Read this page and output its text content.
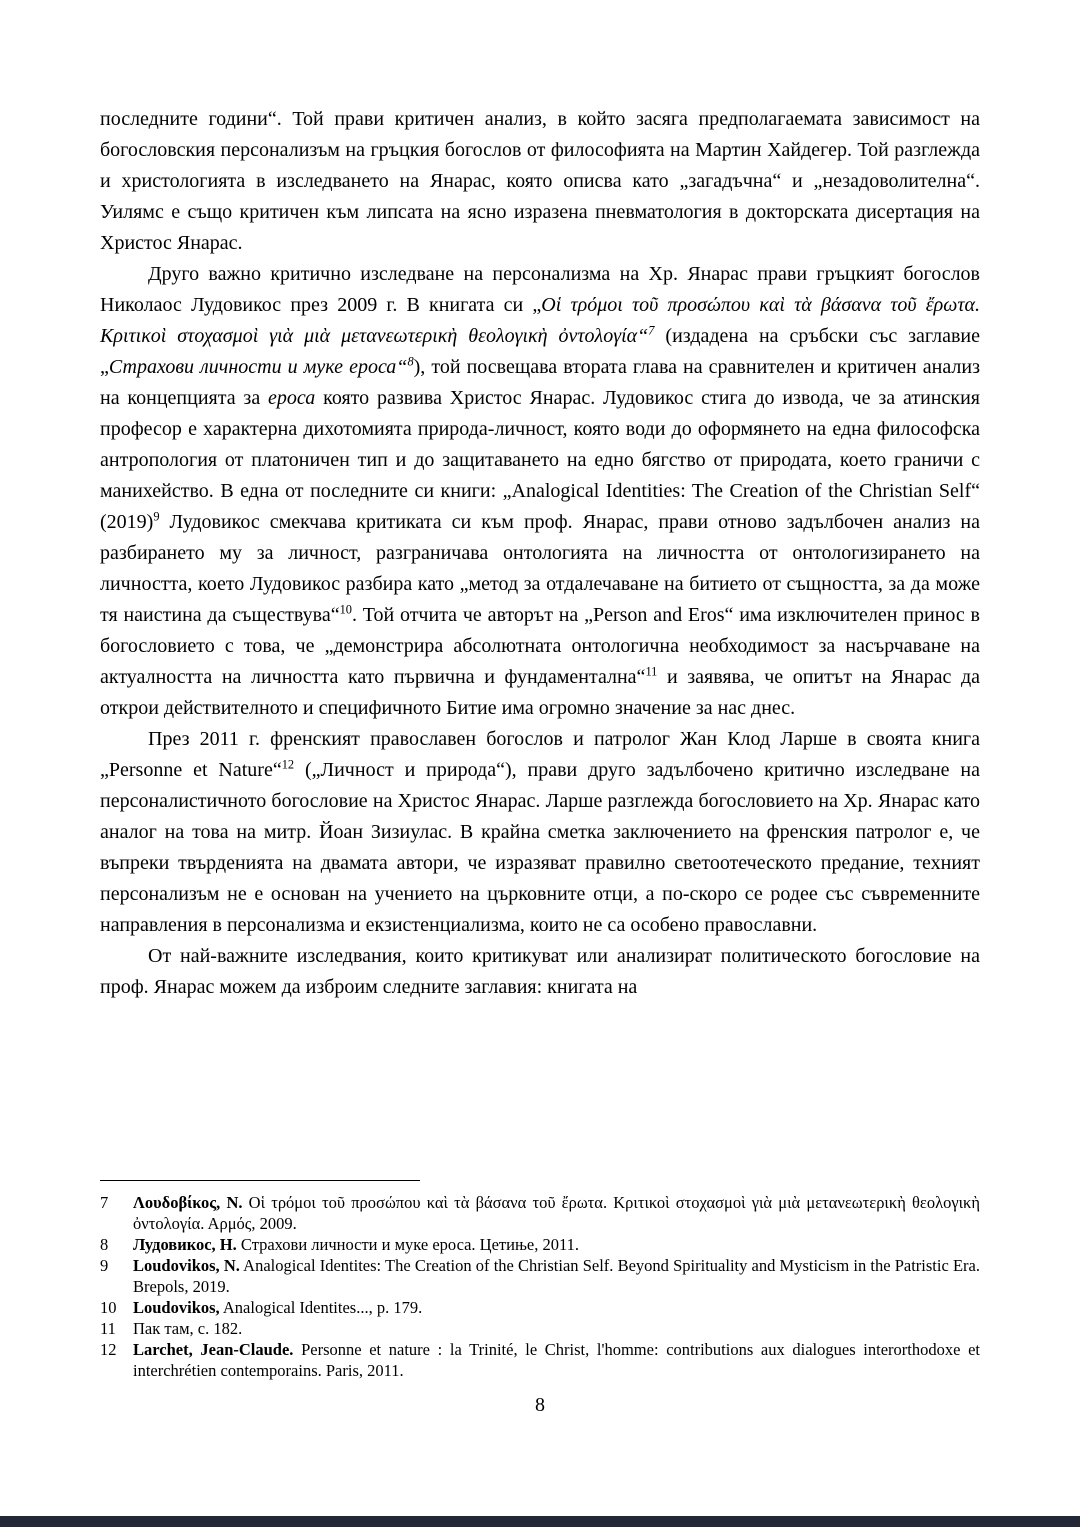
последните години“. Той прави критичен анализ, в който засяга предполагаемата зависимост на богословския персонализъм на гръцкия богослов от философията на Мартин Хайдегер. Той разглежда и христологията в изследването на Янарас, която описва като „загадъчна“ и „незадоволителна“. Уилямс е също критичен към липсата на ясно изразена пневматология в докторската дисертация на Христос Янарас.

Друго важно критично изследване на персонализма на Хр. Янарас прави гръцкият богослов Николаос Лудовикос през 2009 г. В книгата си „Οἱ τρόμοι τοῦ προσώπου καὶ τὰ βάσανα τοῦ ἔρωτα. Κριτικοὶ στοχασμοὶ γιὰ μιὰ μετανεωτερικὴ θεολογικὴ ὀντολογία“$^7$ (издадена на сръбски със заглавие „Страхови личности и муке ероса“$^8$), той посвещава втората глава на сравнителен и критичен анализ на концепцията за ероса която развива Христос Янарас. Лудовикос стига до извода, че за атинския професор е характерна дихотомията природа-личност, която води до оформянето на една философска антропология от платоничен тип и до защитаването на едно бягство от природата, което граничи с манихейство. В една от последните си книги: „Analogical Identities: The Creation of the Christian Self“ $(2019)^9$ Лудовикос смекчава критиката си към проф. Янарас, прави отново задълбочен анализ на разбирането му за личност, разграничава онтологията на личността от онтологизирането на личността, което Лудовикос разбира като „метод за отдалечаване на битието от същността, за да може тя наистина да съществува“$^{10}$. Той отчита че авторът на „Person and Eros“ има изключителен принос в богословието с това, че „демонстрира абсолютната онтологична необходимост за насърчаване на актуалността на личността като първична и фундаментална“$^{11}$ и заявява, че опитът на Янарас да открои действителното и специфичното Битие има огромно значение за нас днес.

През 2011 г. френският православен богослов и патролог Жан Клод Ларше в своята книга „Personne et Nature“$^{12}$ („Личност и природа“), прави друго задълбочено критично изследване на персоналистичното богословие на Христос Янарас. Ларше разглежда богословието на Хр. Янарас като аналог на това на митр. Йоан Зизиулас. В крайна сметка заключението на френския патролог е, че въпреки твърденията на двамата автори, че изразяват правилно светоотеческото предание, техният персонализъм не е основан на учението на църковните отци, а по-скоро се родее със съвременните направления в персонализма и екзистенциализма, които не са особено православни.

От най-важните изследвания, които критикуват или анализират политическото богословие на проф. Янарас можем да изброим следните заглавия: книгата на

7	Λουδοβίκος, Ν. Οἱ τρόμοι τοῦ προσώπου καὶ τὰ βάσανα τοῦ ἔρωτα. Κριτικοὶ στοχασμοὶ γιὰ μιὰ μετανεωτερικὴ θεολογικὴ ὀντολογία. Αρμός, 2009.
8	Лудовикос, Н. Страхови личности и муке ероса. Цетиње, 2011.
9	Loudovikos, N. Analogical Identites: The Creation of the Christian Self. Beyond Spirituality and Mysticism in the Patristic Era. Brepols, 2019.
10	Loudovikos, Analogical Identites..., p. 179.
11	Пак там, с. 182.
12	Larchet, Jean-Claude. Personne et nature : la Trinité, le Christ, l'homme: contributions aux dialogues interorthodoxe et interchrétien contemporains. Paris, 2011.
8
